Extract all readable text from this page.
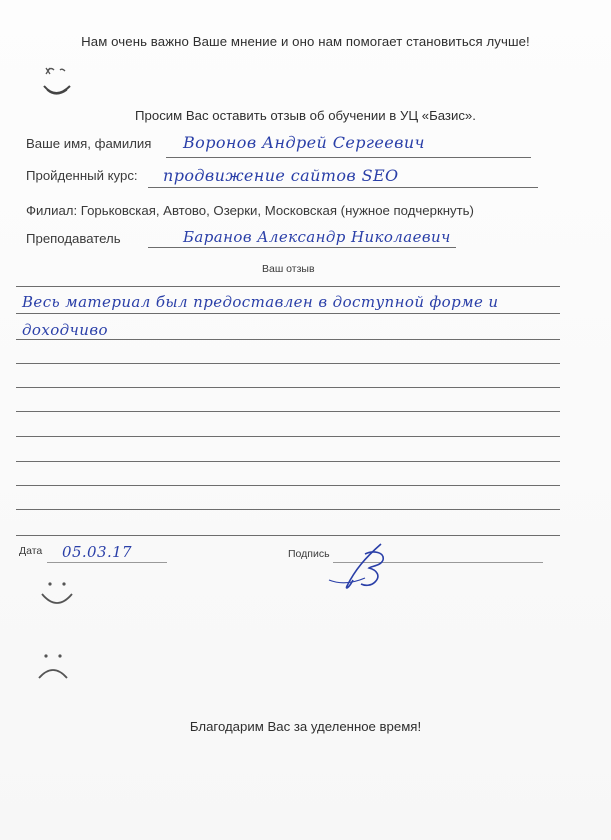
Нам очень важно Ваше мнение и оно нам помогает становиться лучше!
Просим Вас оставить отзыв об обучении в УЦ «Базис».
Ваше имя, фамилия Воронов Андрей Сергеевич
Пройденный курс: продвижение сайтов SEO
Филиал: Горьковская, Автово, Озерки, Московская (нужное подчеркнуть)
Преподаватель	Баранов Александр Николаевич
Ваш отзыв
Весь материал был предоставлен в доступной форме и
доходчиво
Дата 05.03.17	Подпись
Благодарим Вас за уделенное время!
